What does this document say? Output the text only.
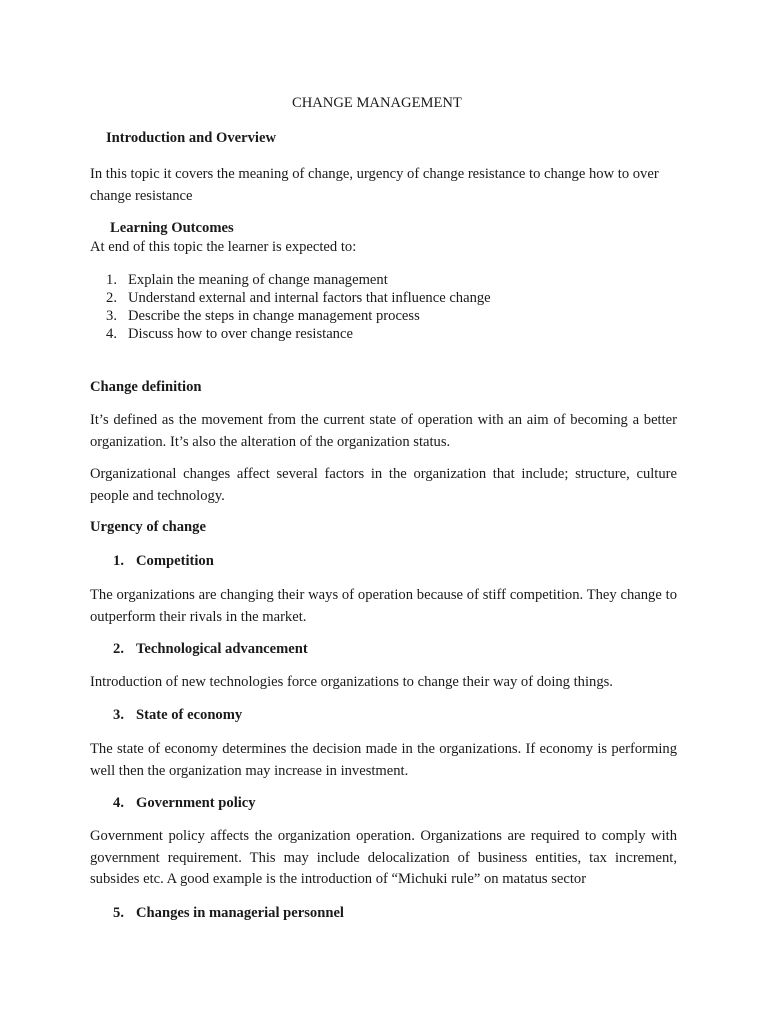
CHANGE MANAGEMENT
Introduction and Overview
In this topic it covers the meaning of change, urgency of change resistance to change how to over change resistance
Learning Outcomes
At end of this topic the learner is expected to:
1. Explain the meaning of change management
2. Understand external and internal factors that influence change
3. Describe the steps in change management process
4. Discuss how to over change resistance
Change definition
It’s defined as the movement from the current state of operation with an aim of becoming a better organization. It’s also the alteration of the organization status.
Organizational changes affect several factors in the organization that include; structure, culture people and technology.
Urgency of change
1. Competition
The organizations are changing their ways of operation because of stiff competition. They change to outperform their rivals in the market.
2. Technological advancement
Introduction of new technologies force organizations to change their way of doing things.
3. State of economy
The state of economy determines the decision made in the organizations. If economy is performing well then the organization may increase in investment.
4. Government policy
Government policy affects the organization operation. Organizations are required to comply with government requirement. This may include delocalization of business entities, tax increment, subsides etc. A good example is the introduction of “Michuki rule” on matatus sector
5. Changes in managerial personnel
